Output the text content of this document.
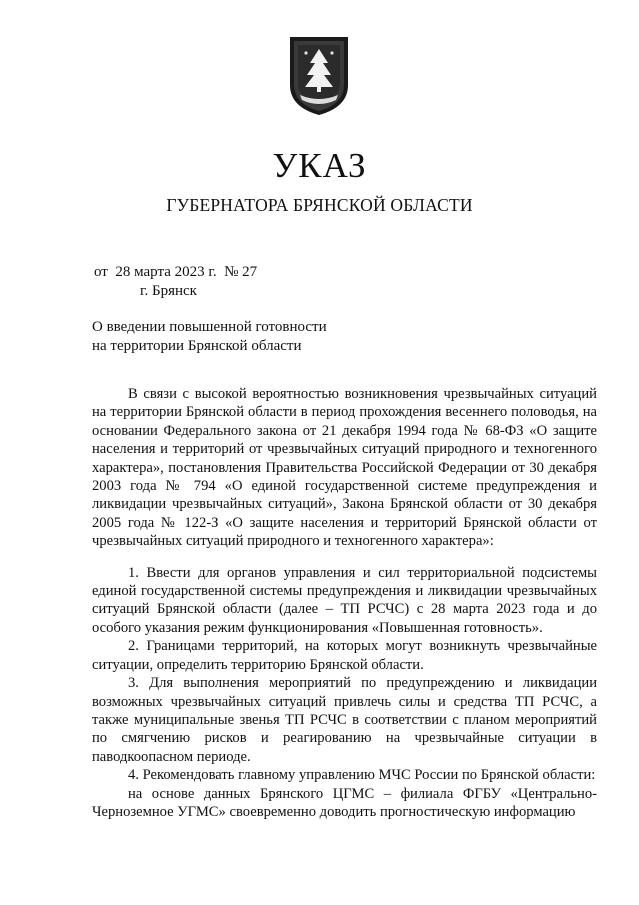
УКАЗ
ГУБЕРНАТОРА БРЯНСКОЙ ОБЛАСТИ
от  28 марта 2023 г.  № 27
г. Брянск
О введении повышенной готовности
на территории Брянской области

В связи с высокой вероятностью возникновения чрезвычайных ситуаций на территории Брянской области в период прохождения весеннего половодья, на основании Федерального закона от 21 декабря 1994 года № 68-ФЗ «О защите населения и территорий от чрезвычайных ситуаций природного и техногенного характера», постановления Правительства Российской Федерации от 30 декабря 2003 года № 794 «О единой государственной системе предупреждения и ликвидации чрезвычайных ситуаций», Закона Брянской области от 30 декабря 2005 года № 122-З «О защите населения и территорий Брянской области от чрезвычайных ситуаций природного и техногенного характера»:

1. Ввести для органов управления и сил территориальной подсистемы единой государственной системы предупреждения и ликвидации чрезвычайных ситуаций Брянской области (далее – ТП РСЧС) с 28 марта 2023 года и до особого указания режим функционирования «Повышенная готовность».

2. Границами территорий, на которых могут возникнуть чрезвычайные ситуации, определить территорию Брянской области.

3. Для выполнения мероприятий по предупреждению и ликвидации возможных чрезвычайных ситуаций привлечь силы и средства ТП РСЧС, а также муниципальные звенья ТП РСЧС в соответствии с планом мероприятий по смягчению рисков и реагированию на чрезвычайные ситуации в паводкоопасном периоде.

4. Рекомендовать главному управлению МЧС России по Брянской области:

на основе данных Брянского ЦГМС – филиала ФГБУ «Центрально-Черноземное УГМС» своевременно доводить прогностическую информацию
